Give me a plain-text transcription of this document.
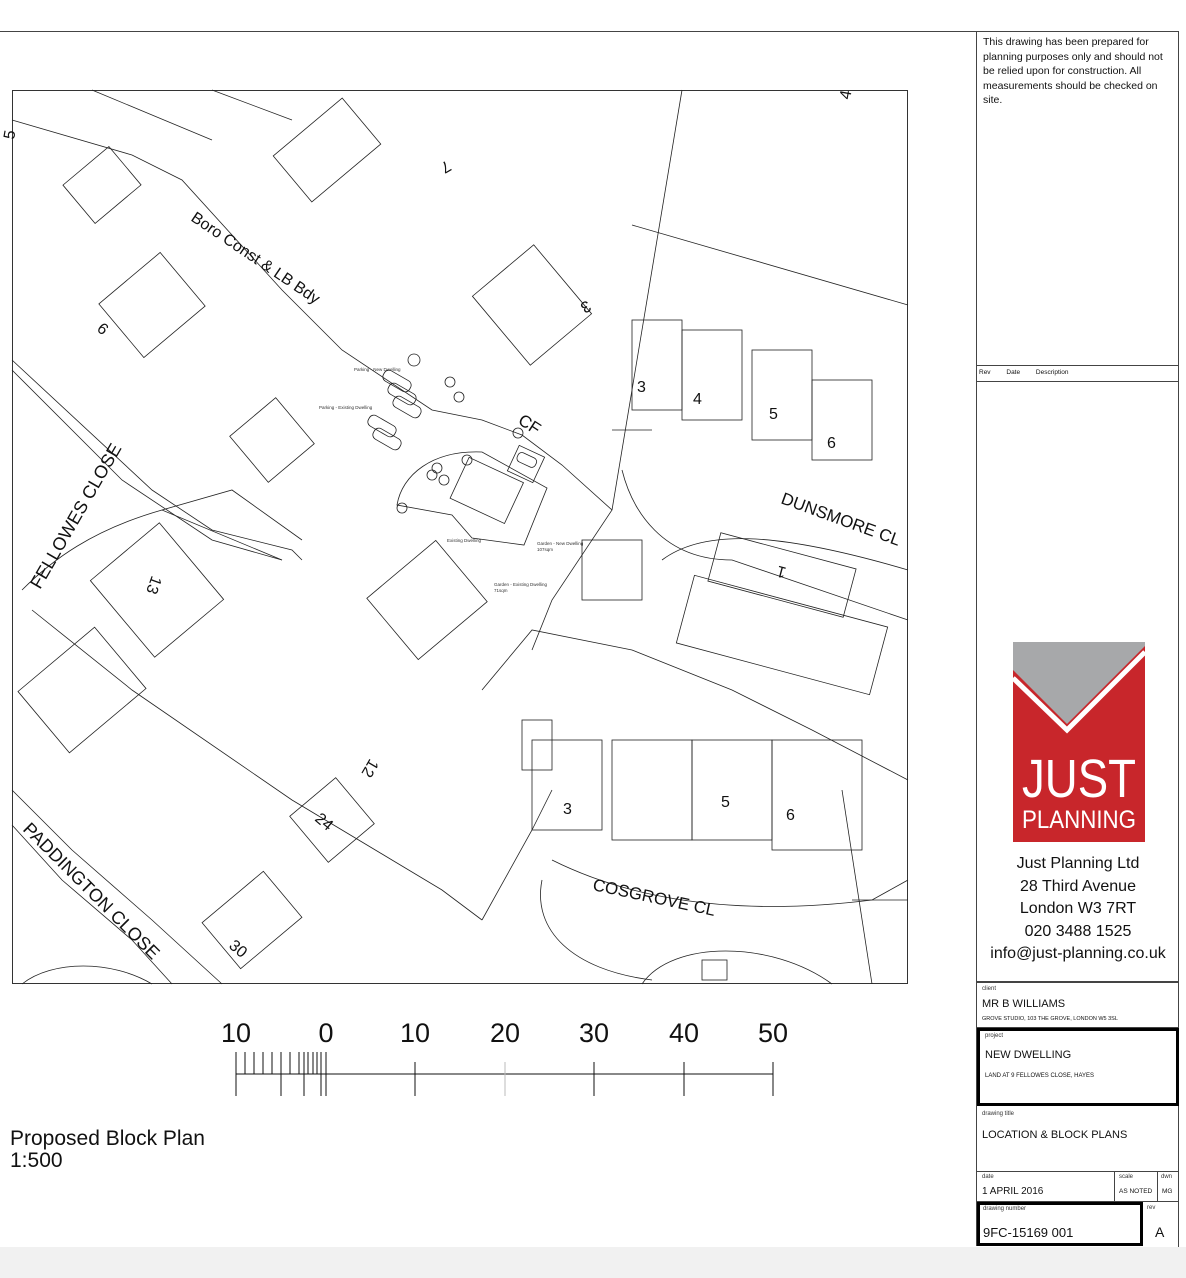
Boro Const & LB Bdy
FELLOWES CLOSE	DUNSMORE CL
COSGROVE CL
PADDINGTON CLOSE
CF
5
7
3
6
4
3
4
5
6
1
13
12
24
30
3	5
6
Parking - New Dwelling
Parking - Existing Dwelling
Existing Dwelling
Garden - New Dwelling
107sqm
Garden - Existing Dwelling
71sqm
10 0 10 20 30 40 50
Proposed Block Plan
1:500
This drawing has been prepared for planning purposes only and should not be relied upon for construction. All measurements should be checked on site.
Rev Date Description
JUST
PLANNING
Just Planning Ltd
28 Third Avenue
London W3 7RT
020 3488 1525
info@just-planning.co.uk
client
MR B WILLIAMS
GROVE STUDIO, 103 THE GROVE, LONDON W5 3SL
project
NEW DWELLING
LAND AT 9 FELLOWES CLOSE, HAYES
drawing title
LOCATION & BLOCK PLANS
date
1 APRIL 2016
scale
AS NOTED
dwn
MG
drawing number
9FC-15169 001
rev
A
